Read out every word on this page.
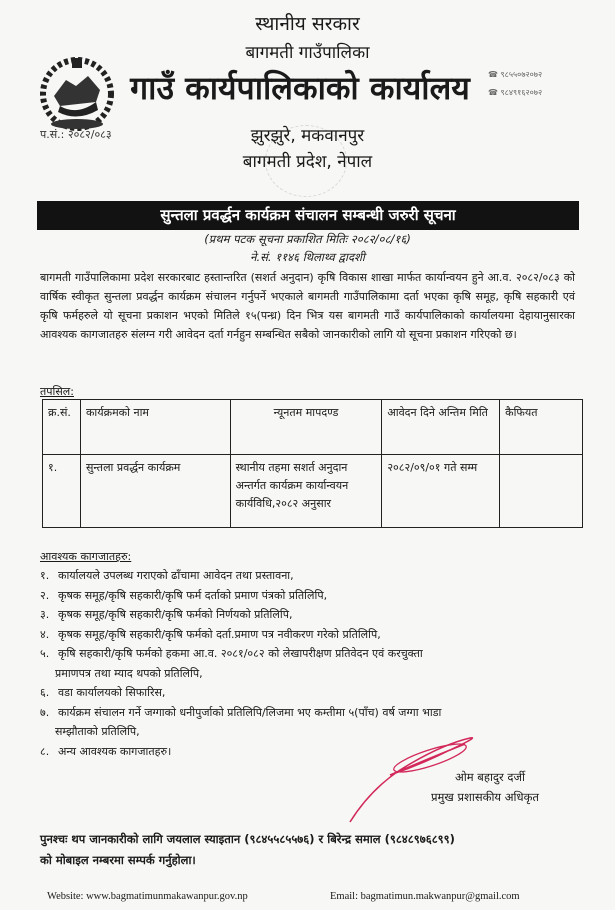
स्थानीय सरकार
बागमती गाउँपालिका
गाउँ कार्यपालिकाको कार्यालय
प.सं.: २०८२/०८३
☎ ९८५५०७२०७२
☎ ९८४९१६२०७२
झुरझुरे, मकवानपुर
बागमती प्रदेश, नेपाल
सुन्तला प्रवर्द्धन कार्यक्रम संचालन सम्बन्धी जरुरी सूचना
(प्रथम पटक सूचना प्रकाशित मितिः २०८२/०८/१६)
ने.सं. ११४६ थिलाथ्व द्वादशी
बागमती गाउँपालिकामा प्रदेश सरकारबाट हस्तान्तरित (सशर्त अनुदान) कृषि विकास शाखा मार्फत कार्यान्वयन हुने आ.व. २०८२/०८३ को वार्षिक स्वीकृत सुन्तला प्रवर्द्धन कार्यक्रम संचालन गर्नुपर्ने भएकाले बागमती गाउँपालिकामा दर्ता भएका कृषि समूह, कृषि सहकारी एवं कृषि फर्महरुले यो सूचना प्रकाशन भएको मितिले १५(पन्ध्र) दिन भित्र यस बागमती गाउँ कार्यपालिकाको कार्यालयमा देहायानुसारका आवश्यक कागजातहरु संलग्न गरी आवेदन दर्ता गर्नहुन सम्बन्धित सबैको जानकारीको लागि यो सूचना प्रकाशन गरिएको छ।
तपसिल:
क्र.सं.	कार्यक्रमको नाम	न्यूनतम मापदण्ड	आवेदन दिने अन्तिम मिति	कैफियत
१.	सुन्तला प्रवर्द्धन कार्यक्रम	स्थानीय तहमा सशर्त अनुदान अन्तर्गत कार्यक्रम कार्यान्वयन कार्यविधि,२०८२ अनुसार	२०८२/०९/०१ गते सम्म	
आवश्यक कागजातहरु:
१. कार्यालयले उपलब्ध गराएको ढाँचामा आवेदन तथा प्रस्तावना,
२. कृषक समूह/कृषि सहकारी/कृषि फर्म दर्ताको प्रमाण पंत्रको प्रतिलिपि,
३. कृषक समूह/कृषि सहकारी/कृषि फर्मको निर्णयको प्रतिलिपि,
४. कृषक समूह/कृषि सहकारी/कृषि फर्मको दर्ता.प्रमाण पत्र नवीकरण गरेको प्रतिलिपि,
५. कृषि सहकारी/कृषि फर्मको हकमा आ.व. २०८१/०८२ को लेखापरीक्षण प्रतिवेदन एवं करचुक्ता
प्रमाणपत्र तथा म्याद थपको प्रतिलिपि,
६. वडा कार्यालयको सिफारिस,
७. कार्यक्रम संचालन गर्ने जग्गाको धनीपुर्जाको प्रतिलिपि/लिजमा भए कम्तीमा ५(पाँच) वर्ष जग्गा भाडा
सम्झौताको प्रतिलिपि,
८. अन्य आवश्यक कागजातहरु।
ओम बहादुर दर्जी
प्रमुख प्रशासकीय अधिकृत
पुनश्चः थप जानकारीको लागि जयलाल स्याइतान (९८४५५८५५७६) र बिरेन्द्र समाल (९८४८९७६८९९)
को मोबाइल नम्बरमा सम्पर्क गर्नुहोला।
Website: www.bagmatimunmakawanpur.gov.np	Email: bagmatimun.makwanpur@gmail.com
